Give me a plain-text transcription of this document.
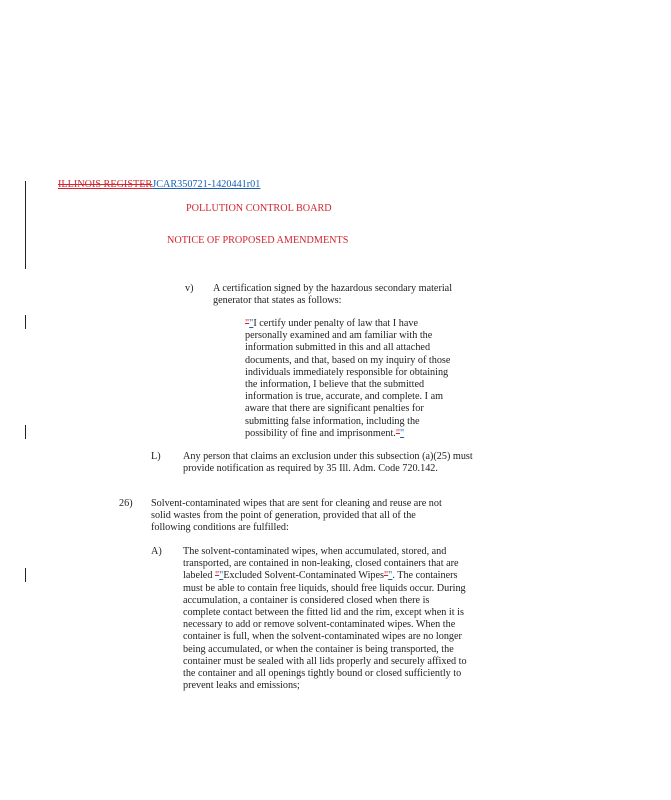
ILLINOIS REGISTERJCAR350721-1420441r01
POLLUTION CONTROL BOARD
NOTICE OF PROPOSED AMENDMENTS
v) A certification signed by the hazardous secondary material generator that states as follows:
""I certify under penalty of law that I have personally examined and am familiar with the information submitted in this and all attached documents, and that, based on my inquiry of those individuals immediately responsible for obtaining the information, I believe that the submitted information is true, accurate, and complete. I am aware that there are significant penalties for submitting false information, including the possibility of fine and imprisonment.""
L) Any person that claims an exclusion under this subsection (a)(25) must provide notification as required by 35 Ill. Adm. Code 720.142.
26) Solvent-contaminated wipes that are sent for cleaning and reuse are not solid wastes from the point of generation, provided that all of the following conditions are fulfilled:
A) The solvent-contaminated wipes, when accumulated, stored, and transported, are contained in non-leaking, closed containers that are labeled ""Excluded Solvent-Contaminated Wipes"". The containers must be able to contain free liquids, should free liquids occur. During accumulation, a container is considered closed when there is complete contact between the fitted lid and the rim, except when it is necessary to add or remove solvent-contaminated wipes. When the container is full, when the solvent-contaminated wipes are no longer being accumulated, or when the container is being transported, the container must be sealed with all lids properly and securely affixed to the container and all openings tightly bound or closed sufficiently to prevent leaks and emissions;
